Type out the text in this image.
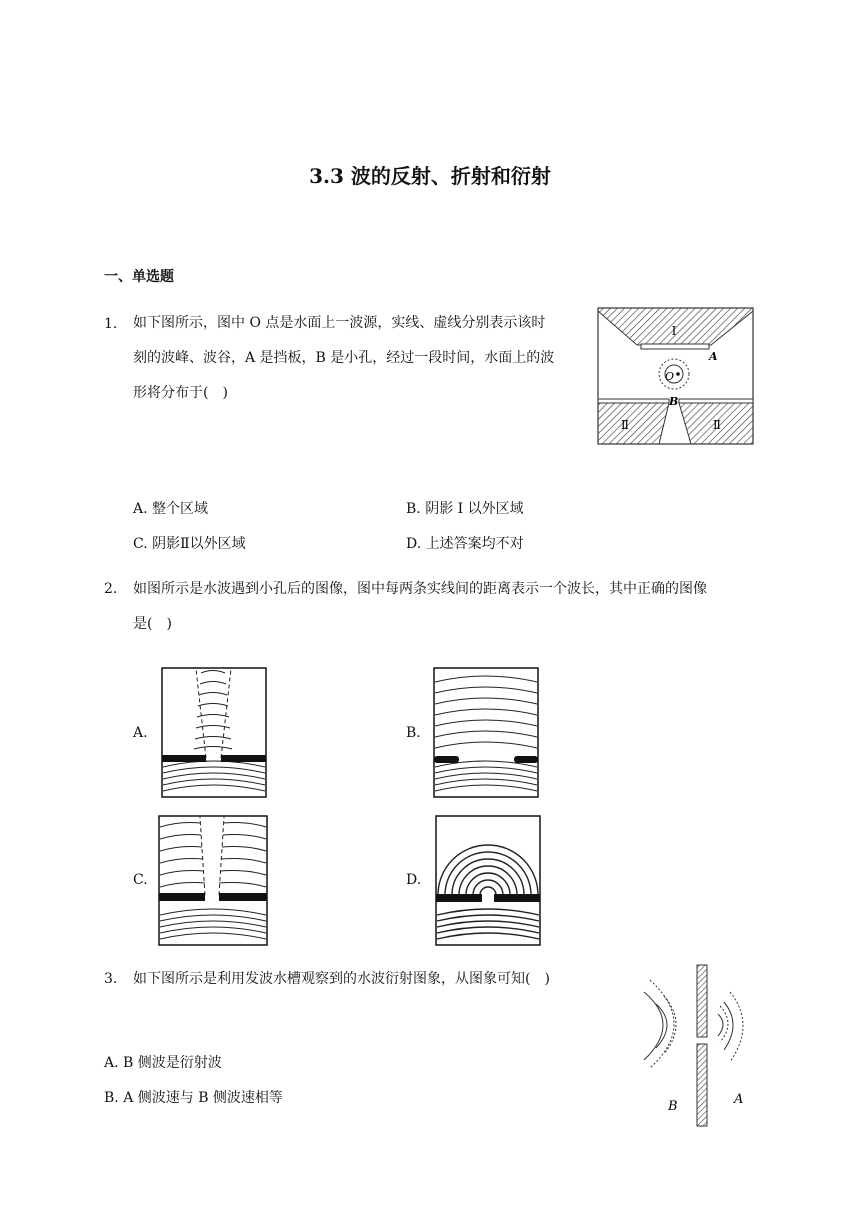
3.3 波的反射、折射和衍射
一、单选题
1. 如下图所示，图中 O 点是水面上一波源，实线、虚线分别表示该时
刻的波峰、波谷，A 是挡板，B 是小孔，经过一段时间，水面上的波
形将分布于(　)
Ⅰ
A
O
B
Ⅱ	Ⅱ
A. 整个区域	B. 阴影 I 以外区域
C. 阴影Ⅱ以外区域	D. 上述答案均不对
2. 如图所示是水波遇到小孔后的图像，图中每两条实线间的距离表示一个波长，其中正确的图像
是(　)
A.	B.
C.	D.
3. 如下图所示是利用发波水槽观察到的水波衍射图象，从图象可知(　)
B	A
A. B 侧波是衍射波
B. A 侧波速与 B 侧波速相等
